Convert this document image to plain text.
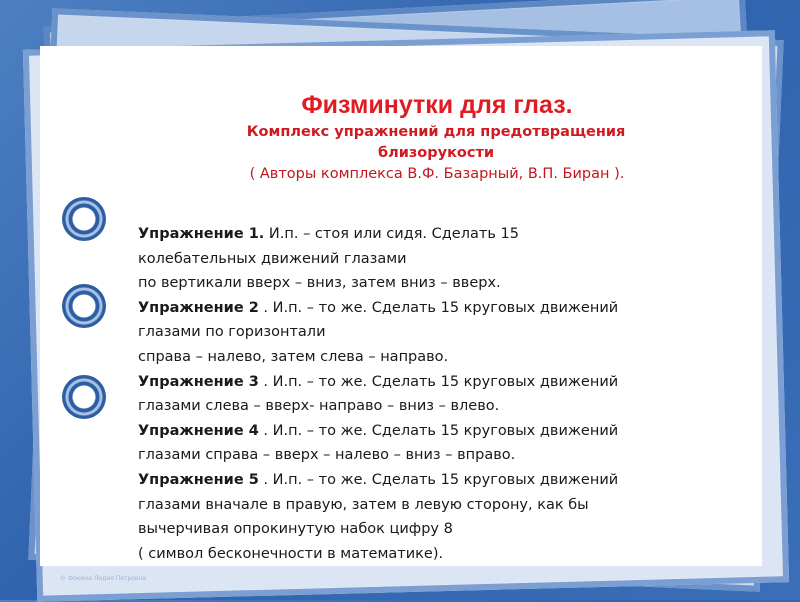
Физминутки для глаз.
Комплекс упражнений для предотвращения близорукости
( Авторы комплекса В.Ф. Базарный, В.П. Биран ).
Упражнение 1. И.п. – стоя или сидя. Сделать 15
колебательных движений глазами
по вертикали вверх – вниз, затем вниз – вверх.
Упражнение 2 . И.п. – то же. Сделать 15 круговых движений
глазами по горизонтали
справа – налево, затем слева – направо.
Упражнение 3 . И.п. – то же. Сделать 15 круговых движений
глазами слева – вверх- направо – вниз – влево.
Упражнение 4 . И.п. – то же. Сделать 15 круговых движений
глазами справа – вверх – налево – вниз – вправо.
Упражнение 5 . И.п. – то же. Сделать 15 круговых движений
глазами вначале в правую, затем в левую сторону, как бы
вычерчивая опрокинутую набок цифру 8
( символ бесконечности в математике).
© Фокина Лидия Петровна
